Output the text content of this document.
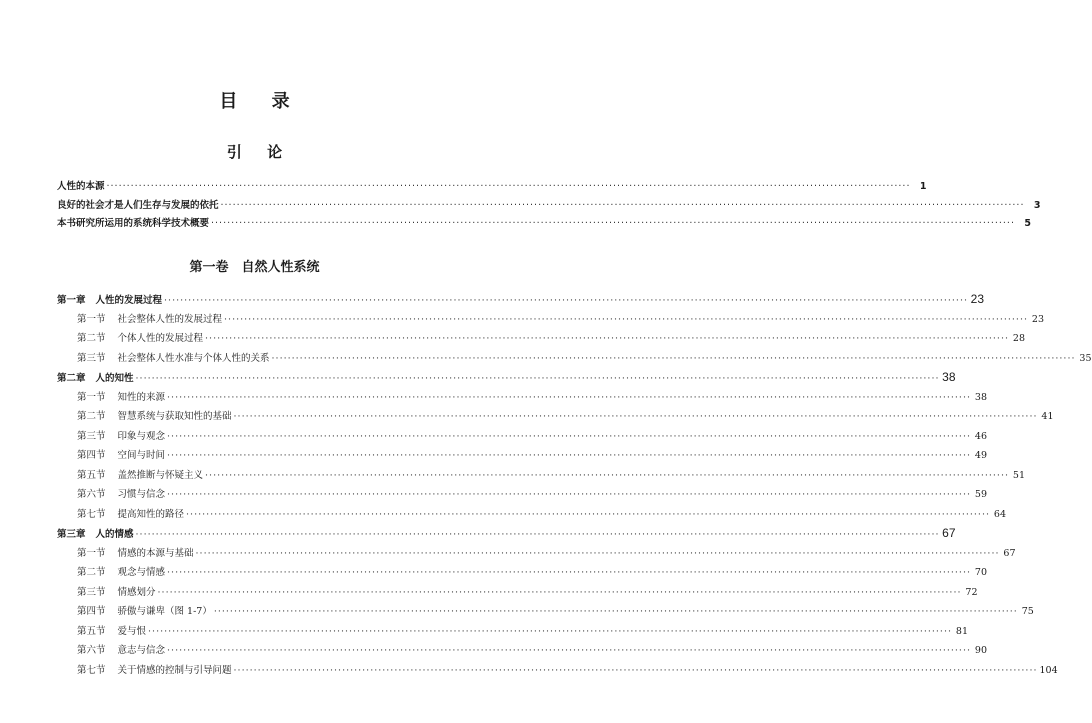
目 录
引 论
人性的本源 ········································································································································································································ 1
良好的社会才是人们生存与发展的依托 ········································································································································································································ 3
本书研究所运用的系统科学技术概要 ········································································································································································································ 5
第一卷　自然人性系统
第一章 人性的发展过程 ········································································································································································································ 23
第一节 社会整体人性的发展过程 ········································································································································································································ 23
第二节 个体人性的发展过程 ········································································································································································································ 28
第三节 社会整体人性水准与个体人性的关系 ········································································································································································································ 35
第二章 人的知性 ········································································································································································································ 38
第一节 知性的来源 ········································································································································································································ 38
第二节 智慧系统与获取知性的基础 ········································································································································································································ 41
第三节 印象与观念 ········································································································································································································ 46
第四节 空间与时间 ········································································································································································································ 49
第五节 盖然推断与怀疑主义 ········································································································································································································ 51
第六节 习惯与信念 ········································································································································································································ 59
第七节 提高知性的路径 ········································································································································································································ 64
第三章 人的情感 ········································································································································································································ 67
第一节 情感的本源与基础 ········································································································································································································ 67
第二节 观念与情感 ········································································································································································································ 70
第三节 情感划分 ········································································································································································································ 72
第四节 骄傲与谦卑（图 1-7） ········································································································································································································ 75
第五节 爱与恨 ········································································································································································································ 81
第六节 意志与信念 ········································································································································································································ 90
第七节 关于情感的控制与引导问题 ········································································································································································································ 104
